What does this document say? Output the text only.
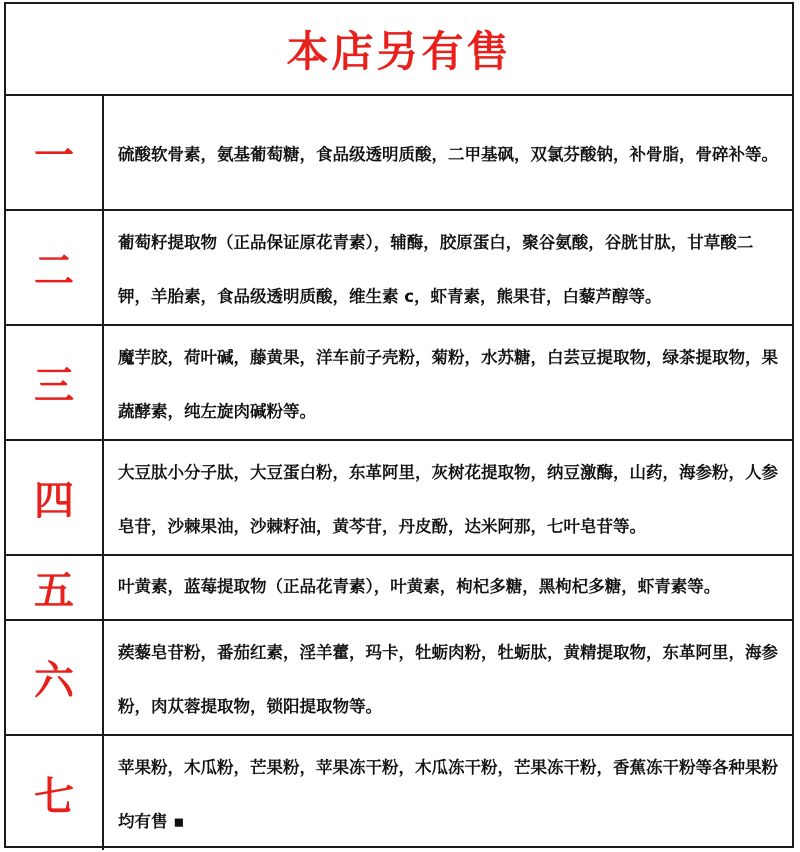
本店另有售
一	硫酸软骨素，氨基葡萄糖，食品级透明质酸，二甲基砜，双氯芬酸钠，补骨脂，骨碎补等。
二
葡萄籽提取物（正品保证原花青素），辅酶，胶原蛋白，聚谷氨酸，谷胱甘肽，甘草酸二钾，羊胎素，食品级透明质酸，维生素 c，虾青素，熊果苷，白藜芦醇等。
三
魔芋胶，荷叶碱，藤黄果，洋车前子壳粉，菊粉，水苏糖，白芸豆提取物，绿茶提取物，果蔬酵素，纯左旋肉碱粉等。
四
大豆肽小分子肽，大豆蛋白粉，东革阿里，灰树花提取物，纳豆激酶，山药，海参粉，人参皂苷，沙棘果油，沙棘籽油，黄芩苷，丹皮酚，达米阿那，七叶皂苷等。
五	叶黄素，蓝莓提取物（正品花青素），叶黄素，枸杞多糖，黑枸杞多糖，虾青素等。
六
蒺藜皂苷粉，番茄红素，淫羊藿，玛卡，牡蛎肉粉，牡蛎肽，黄精提取物，东革阿里，海参粉，肉苁蓉提取物，锁阳提取物等。
七
苹果粉，木瓜粉，芒果粉，苹果冻干粉，木瓜冻干粉，芒果冻干粉，香蕉冻干粉等各种果粉均有售 ▪
